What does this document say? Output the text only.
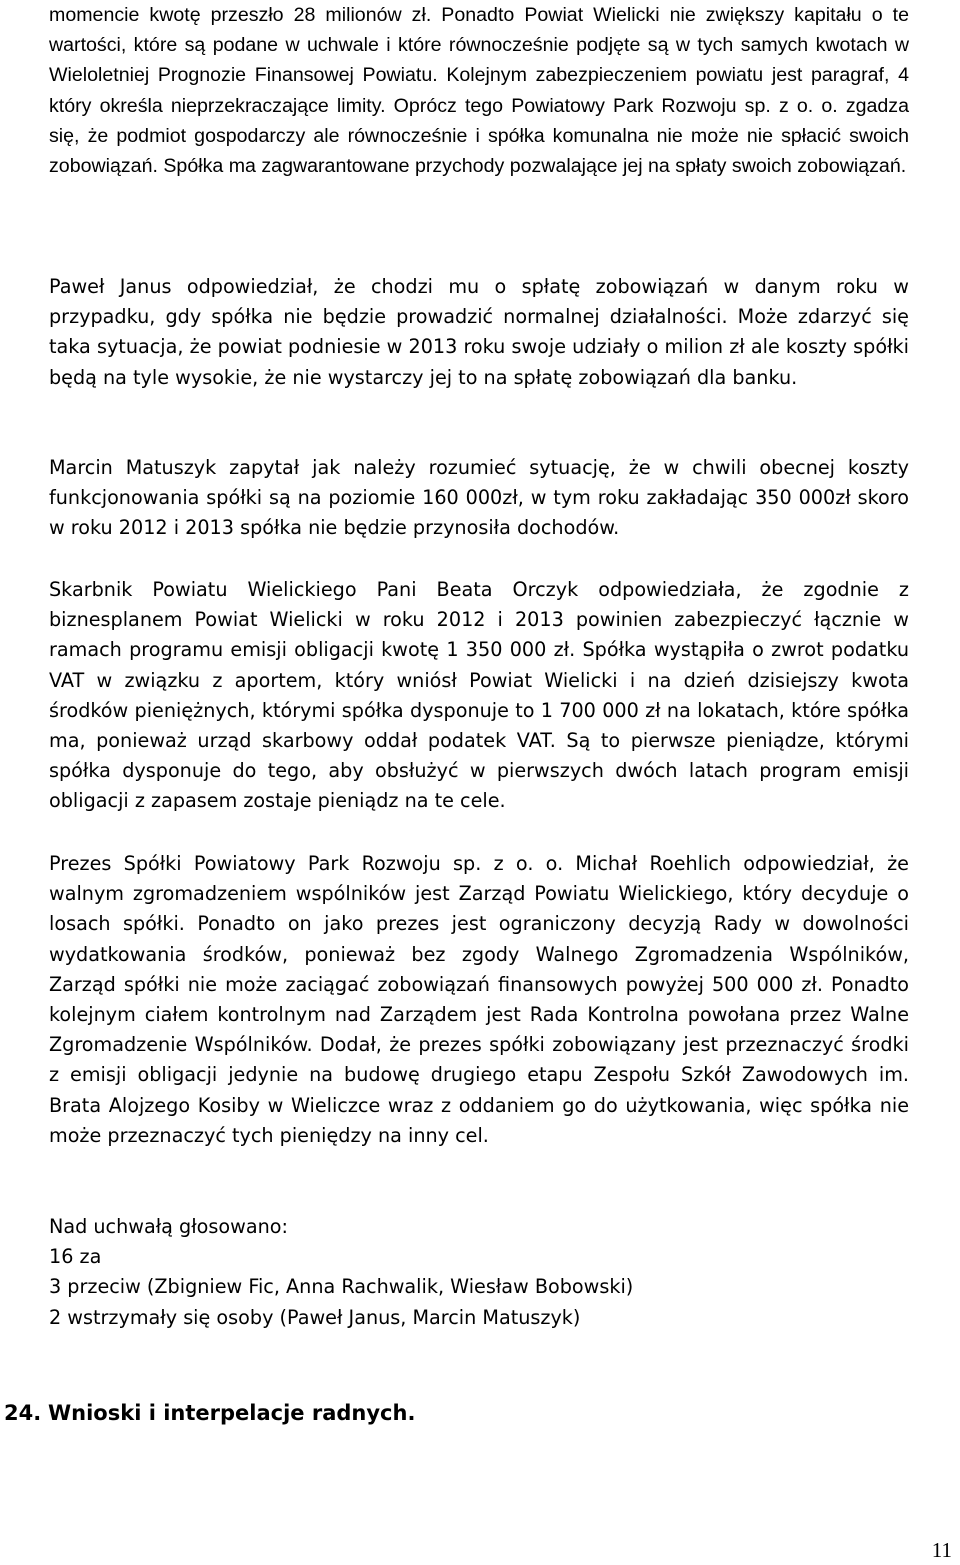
momencie kwotę przeszło 28 milionów zł. Ponadto Powiat Wielicki nie zwiększy kapitału o te wartości, które są podane w uchwale i które równocześnie podjęte są w tych samych kwotach w Wieloletniej Prognozie Finansowej Powiatu. Kolejnym zabezpieczeniem powiatu jest paragraf, 4 który określa nieprzekraczające limity. Oprócz tego Powiatowy Park Rozwoju sp. z o. o. zgadza się, że podmiot gospodarczy ale równocześnie i spółka komunalna nie może nie spłacić swoich zobowiązań. Spółka ma zagwarantowane przychody pozwalające jej na spłaty swoich zobowiązań.

Paweł Janus odpowiedział, że chodzi mu o spłatę zobowiązań w danym roku w przypadku, gdy spółka nie będzie prowadzić normalnej działalności. Może zdarzyć się taka sytuacja, że powiat podniesie w 2013 roku swoje udziały o milion zł ale koszty spółki będą na tyle wysokie, że nie wystarczy jej to na spłatę zobowiązań dla banku.

Marcin Matuszyk zapytał jak należy rozumieć sytuację, że w chwili obecnej koszty funkcjonowania spółki są na poziomie 160 000zł, w tym roku zakładając 350 000zł skoro w roku 2012 i 2013 spółka nie będzie przynosiła dochodów.

Skarbnik Powiatu Wielickiego Pani Beata Orczyk odpowiedziała, że zgodnie z biznesplanem Powiat Wielicki w roku 2012 i 2013 powinien zabezpieczyć łącznie w ramach programu emisji obligacji kwotę 1 350 000 zł. Spółka wystąpiła o zwrot podatku VAT w związku z aportem, który wniósł Powiat Wielicki i na dzień dzisiejszy kwota środków pieniężnych, którymi spółka dysponuje to 1 700 000 zł na lokatach, które spółka ma, ponieważ urząd skarbowy oddał podatek VAT. Są to pierwsze pieniądze, którymi spółka dysponuje do tego, aby obsłużyć w pierwszych dwóch latach program emisji obligacji z zapasem zostaje pieniądz na te cele.

Prezes Spółki Powiatowy Park Rozwoju sp. z o. o. Michał Roehlich odpowiedział, że walnym zgromadzeniem wspólników jest Zarząd Powiatu Wielickiego, który decyduje o losach spółki. Ponadto on jako prezes jest ograniczony decyzją Rady w dowolności wydatkowania środków, ponieważ bez zgody Walnego Zgromadzenia Wspólników, Zarząd spółki nie może zaciągać zobowiązań finansowych powyżej 500 000 zł. Ponadto kolejnym ciałem kontrolnym nad Zarządem jest Rada Kontrolna powołana przez Walne Zgromadzenie Wspólników. Dodał, że prezes spółki zobowiązany jest przeznaczyć środki z emisji obligacji jedynie na budowę drugiego etapu Zespołu Szkół Zawodowych im. Brata Alojzego Kosiby w Wieliczce wraz z oddaniem go do użytkowania, więc spółka nie może przeznaczyć tych pieniędzy na inny cel.

Nad uchwałą głosowano:
16 za
3 przeciw (Zbigniew Fic, Anna Rachwalik, Wiesław Bobowski)
2 wstrzymały się osoby (Paweł Janus, Marcin Matuszyk)
24. Wnioski i interpelacje radnych.
11
